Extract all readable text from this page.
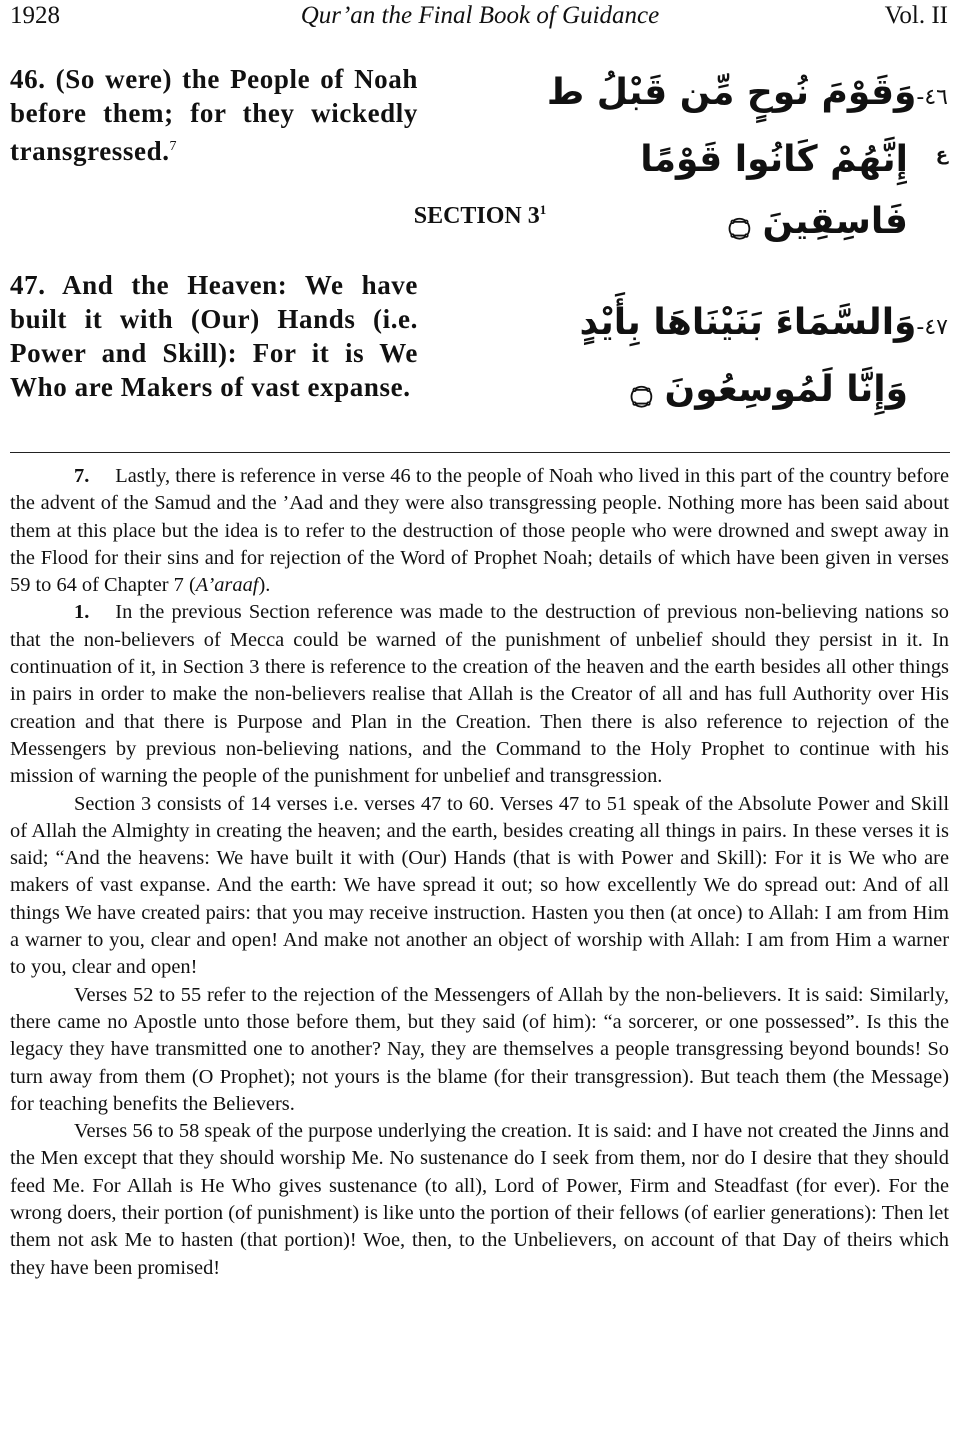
1928	Qur’an the Final Book of Guidance	Vol. II
46. (So were) the People of Noah before them; for they wickedly transgressed.$^7$
٤٦-وَقَوْمَ نُوحٍ مِّن قَبْلُ ط
إِنَّهُمْ كَانُوا قَوْمًا فَاسِقِينَ ۝
ع
SECTION $3^1$
47. And the Heaven: We have built it with (Our) Hands (i.e. Power and Skill): For it is We Who are Makers of vast expanse.
٤٧-وَالسَّمَاءَ بَنَيْنَاهَا بِأَيْدٍ
وَإِنَّا لَمُوسِعُونَ ۝

7. Lastly, there is reference in verse 46 to the people of Noah who lived in this part of the country before the advent of the Samud and the ’Aad and they were also transgressing people. Nothing more has been said about them at this place but the idea is to refer to the destruction of those people who were drowned and swept away in the Flood for their sins and for rejection of the Word of Prophet Noah; details of which have been given in verses 59 to 64 of Chapter 7 (A’araaf).

1. In the previous Section reference was made to the destruction of previous non-believing nations so that the non-believers of Mecca could be warned of the punishment of unbelief should they persist in it. In continuation of it, in Section 3 there is reference to the creation of the heaven and the earth besides all other things in pairs in order to make the non-believers realise that Allah is the Creator of all and has full Authority over His creation and that there is Purpose and Plan in the Creation. Then there is also reference to rejection of the Messengers by previous non-believing nations, and the Command to the Holy Prophet to continue with his mission of warning the people of the punishment for unbelief and transgression.

Section 3 consists of 14 verses i.e. verses 47 to 60. Verses 47 to 51 speak of the Absolute Power and Skill of Allah the Almighty in creating the heaven; and the earth, besides creating all things in pairs. In these verses it is said; “And the heavens: We have built it with (Our) Hands (that is with Power and Skill): For it is We who are makers of vast expanse. And the earth: We have spread it out; so how excellently We do spread out: And of all things We have created pairs: that you may receive instruction. Hasten you then (at once) to Allah: I am from Him a warner to you, clear and open! And make not another an object of worship with Allah: I am from Him a warner to you, clear and open!

Verses 52 to 55 refer to the rejection of the Messengers of Allah by the non-believers. It is said: Similarly, there came no Apostle unto those before them, but they said (of him): “a sorcerer, or one possessed”. Is this the legacy they have transmitted one to another? Nay, they are themselves a people transgressing beyond bounds! So turn away from them (O Prophet); not yours is the blame (for their transgression). But teach them (the Message) for teaching benefits the Believers.

Verses 56 to 58 speak of the purpose underlying the creation. It is said: and I have not created the Jinns and the Men except that they should worship Me. No sustenance do I seek from them, nor do I desire that they should feed Me. For Allah is He Who gives sustenance (to all), Lord of Power, Firm and Steadfast (for ever). For the wrong doers, their portion (of punishment) is like unto the portion of their fellows (of earlier generations): Then let them not ask Me to hasten (that portion)! Woe, then, to the Unbelievers, on account of that Day of theirs which they have been promised!
